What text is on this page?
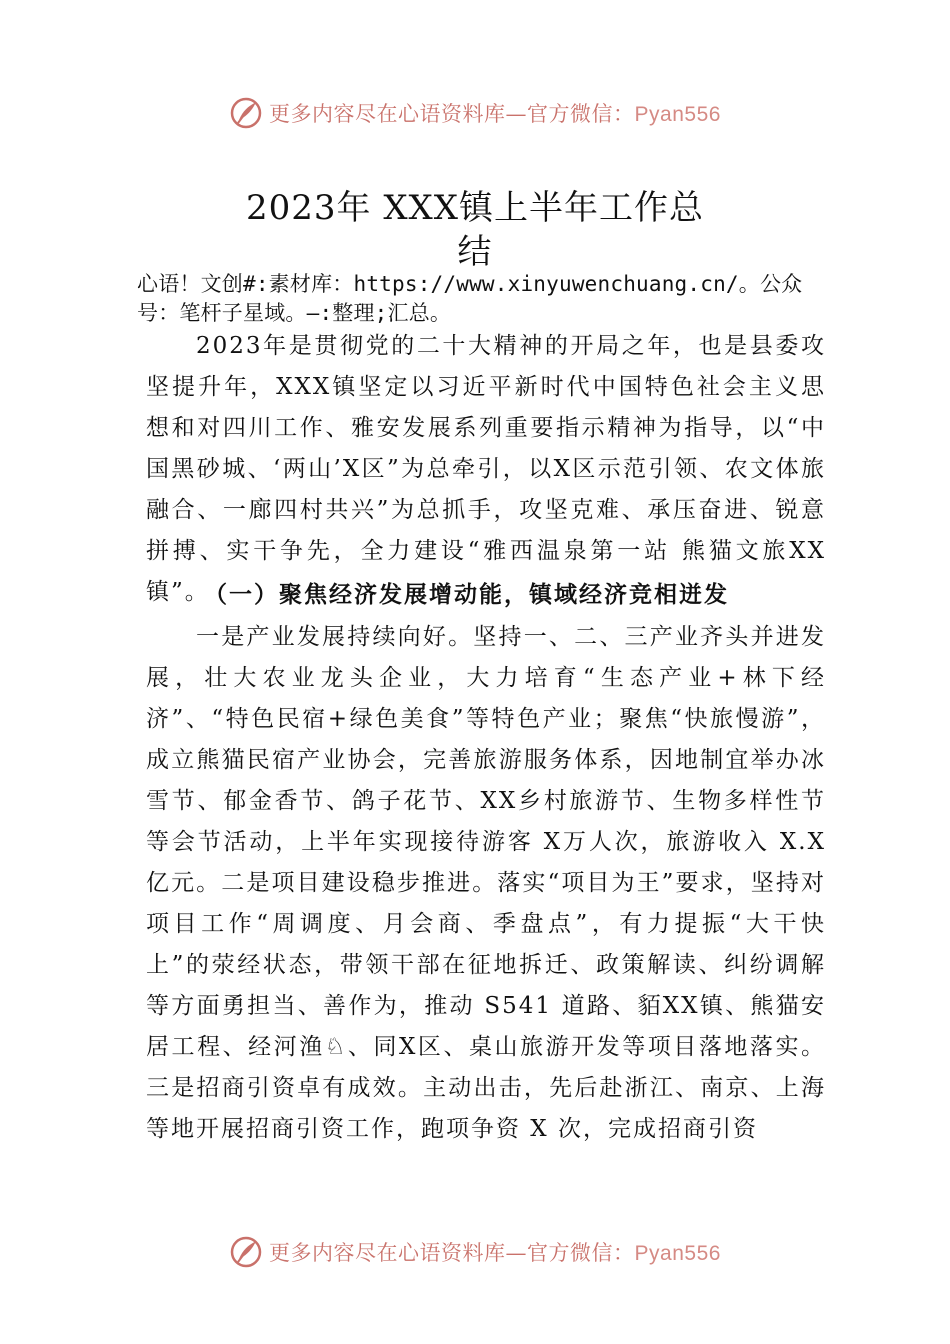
更多内容尽在心语资料库—官方微信：Pyan556
2023年 XXX镇上半年工作总
结
心语！文创#:素材库：https://www.xinyuwenchuang.cn/。公众号：笔杆子星域。—:整理;汇总。
2023年是贯彻党的二十大精神的开局之年，也是县委攻坚提升年，XXX镇坚定以习近平新时代中国特色社会主义思想和对四川工作、雅安发展系列重要指示精神为指导，以“中国黑砂城、‘两山’X区”为总牵引，以X区示范引领、农文体旅融合、一廊四村共兴”为总抓手，攻坚克难、承压奋进、锐意拼搏、实干争先，全力建设“雅西温泉第一站 熊猫文旅XX镇”。
（一）聚焦经济发展增动能，镇域经济竞相迸发
一是产业发展持续向好。坚持一、二、三产业齐头并进发展，壮大农业龙头企业，大力培育“生态产业+林下经济”、“特色民宿+绿色美食”等特色产业；聚焦“快旅慢游”，成立熊猫民宿产业协会，完善旅游服务体系，因地制宜举办冰雪节、郁金香节、鸽子花节、XX乡村旅游节、生物多样性节等会节活动，上半年实现接待游客 X万人次，旅游收入 X.X亿元。二是项目建设稳步推进。落实“项目为王”要求，坚持对项目工作“周调度、月会商、季盘点”，有力提振“大干快上”的荥经状态，带领干部在征地拆迁、政策解读、纠纷调解等方面勇担当、善作为，推动 S541 道路、貊XX镇、熊猫安居工程、经河渔♘、同X区、桌山旅游开发等项目落地落实。 三是招商引资卓有成效。主动出击，先后赴浙江、南京、上海等地开展招商引资工作，跑项争资 X 次，完成招商引资
更多内容尽在心语资料库—官方微信：Pyan556
